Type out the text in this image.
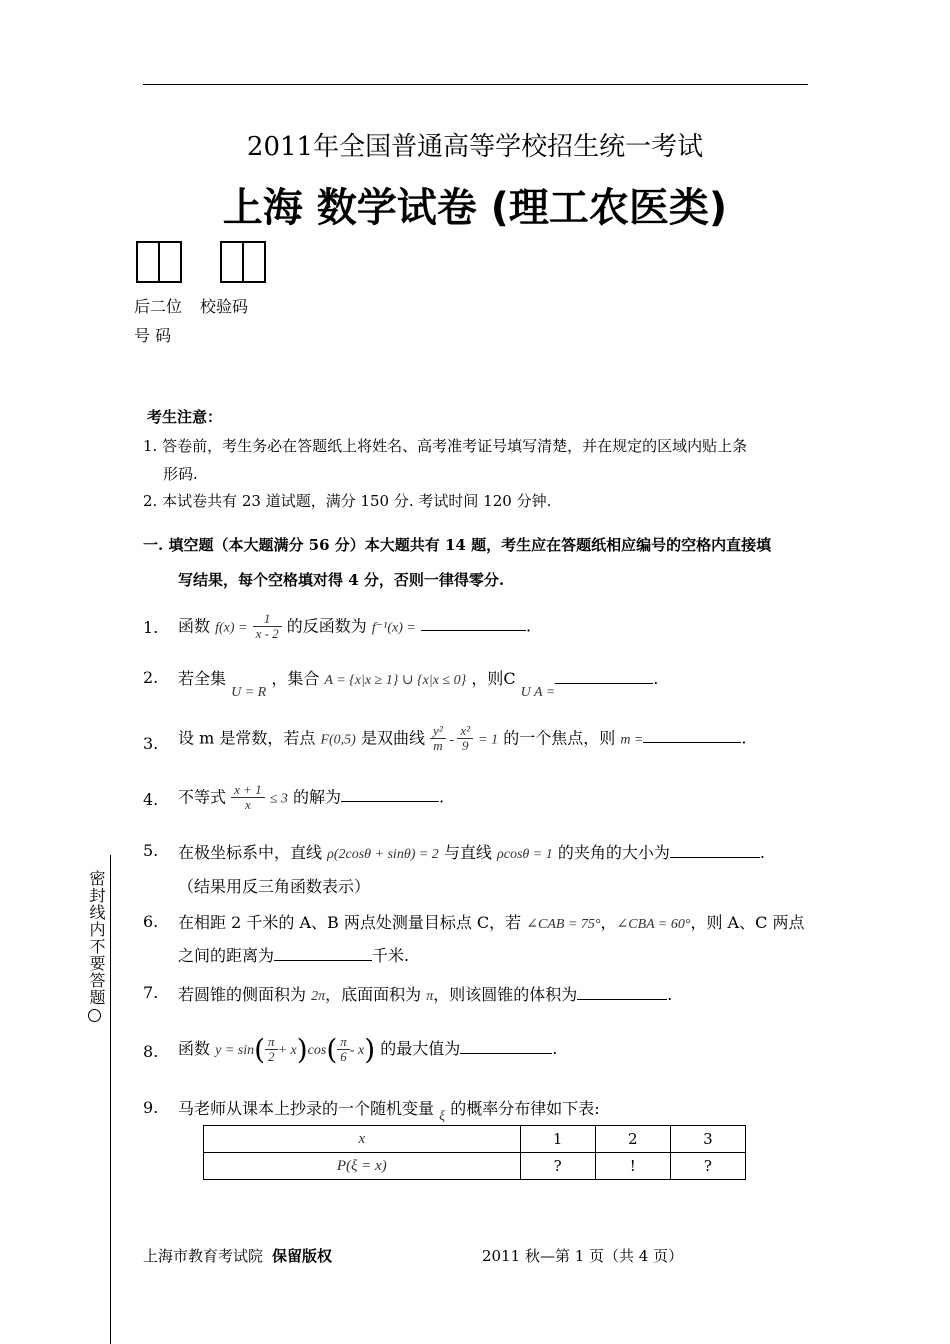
2011年全国普通高等学校招生统一考试
上海 数学试卷 (理工农医类)
后二位
号 码
校验码
考生注意：
1. 答卷前，考生务必在答题纸上将姓名、高考准考证号填写清楚，并在规定的区域内贴上条
形码.
2. 本试卷共有 23 道试题，满分 150 分. 考试时间 120 分钟.
一. 填空题（本大题满分 56 分）本大题共有 14 题，考生应在答题纸相应编号的空格内直接填
写结果，每个空格填对得 4 分，否则一律得零分.
1. 函数 $f(x) = \frac{1}{x - 2}$ 的反函数为 f⁻¹(x) =	.
2. 若全集 U = R ，集合 A = {x|x ≥ 1} ∪ {x|x ≤ 0} ，则C U A =.
3. 设 m 是常数，若点 F(0,5) 是双曲线 $\frac{\text{y²}}{m} - \frac{\text{x²}}{9} = 1$ 的一个焦点，则 m =	.
4. 不等式 $\frac{x + 1}{x} \le 3$ 的解为	.
5. 在极坐标系中，直线 ρ(2cosθ + sinθ) = 2 与直线 ρcosθ = 1 的夹角的大小为	.
（结果用反三角函数表示）
6. 在相距 2 千米的 A、B 两点处测量目标点 C，若 ∠CAB = 75°，∠CBA = 60°，则 A、C 两点
之间的距离为	千米.
7. 若圆锥的侧面积为 2π，底面面积为 π，则该圆锥的体积为	.
8. 函数 $y = \sin( \frac{\pi}{2} + x)\cos( \frac{\pi}{6} - x)$ 的最大值为	.
9. 马老师从课本上抄录的一个随机变量 ξ 的概率分布律如下表:
x	1	2	3
P(ξ = x)	?	!	?
密封线内不要答题
上海市教育考试院 保留版权	2011 秋—第 1 页（共 4 页）
